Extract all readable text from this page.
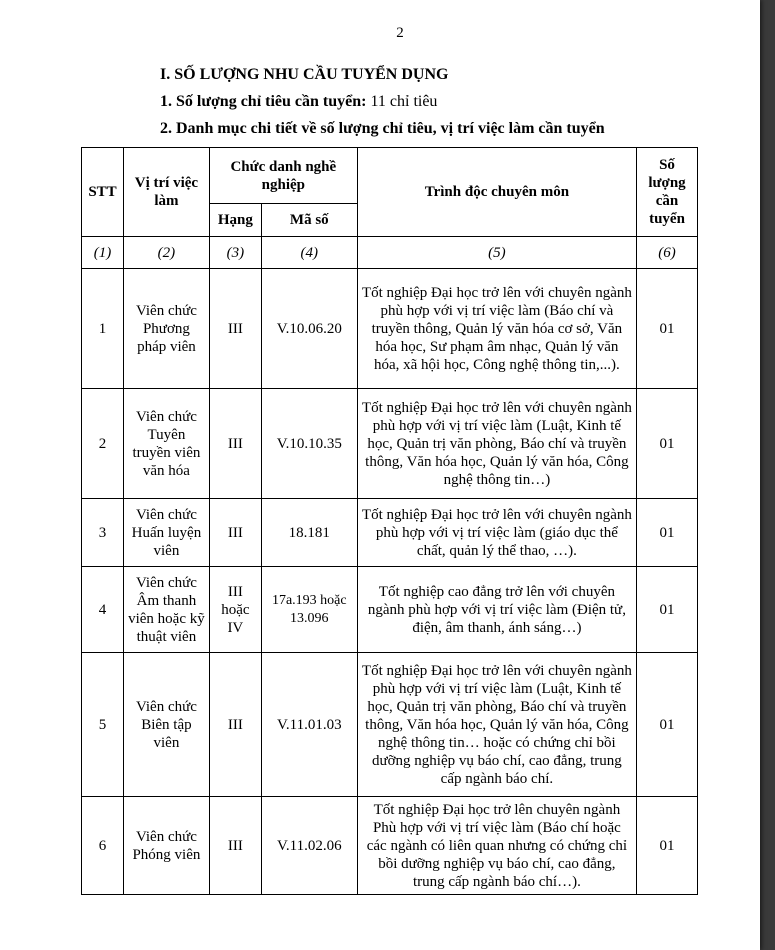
2
I. SỐ LƯỢNG NHU CẦU TUYỂN DỤNG
1. Số lượng chỉ tiêu cần tuyển: 11 chỉ tiêu
2. Danh mục chi tiết về số lượng chỉ tiêu, vị trí việc làm cần tuyển
STT	Vị trí việc làm	Chức danh nghề nghiệp		Trình độc chuyên môn	Số lượng cần tuyển
		Hạng	Mã số		
(1)	(2)	(3)	(4)	(5)	(6)
1	Viên chức Phương pháp viên	III	V.10.06.20	Tốt nghiệp Đại học trở lên với chuyên ngành phù hợp với vị trí việc làm (Báo chí và truyền thông, Quản lý văn hóa cơ sở, Văn hóa học, Sư phạm âm nhạc, Quản lý văn hóa, xã hội học, Công nghệ thông tin,...).	01
2	Viên chức Tuyên truyền viên văn hóa	III	V.10.10.35	Tốt nghiệp Đại học trở lên với chuyên ngành phù hợp với vị trí việc làm (Luật, Kinh tế học, Quản trị văn phòng, Báo chí và truyền thông, Văn hóa học, Quản lý văn hóa, Công nghệ thông tin…)	01
3	Viên chức Huấn luyện viên	III	18.181	Tốt nghiệp Đại học trở lên với chuyên ngành phù hợp với vị trí việc làm (giáo dục thể chất, quản lý thể thao, …).	01
4	Viên chức Âm thanh viên hoặc kỹ thuật viên	III hoặc IV	17a.193 hoặc 13.096	Tốt nghiệp cao đẳng trở lên với chuyên ngành phù hợp với vị trí việc làm (Điện tử, điện, âm thanh, ánh sáng…)	01
5	Viên chức Biên tập viên	III	V.11.01.03	Tốt nghiệp Đại học trở lên với chuyên ngành phù hợp với vị trí việc làm (Luật, Kinh tế học, Quản trị văn phòng, Báo chí và truyền thông, Văn hóa học, Quản lý văn hóa, Công nghệ thông tin… hoặc có chứng chỉ bồi dưỡng nghiệp vụ báo chí, cao đẳng, trung cấp ngành báo chí.	01
6	Viên chức Phóng viên	III	V.11.02.06	Tốt nghiệp Đại học trở lên chuyên ngành Phù hợp với vị trí việc làm (Báo chí hoặc các ngành có liên quan nhưng có chứng chỉ bồi dưỡng nghiệp vụ báo chí, cao đẳng, trung cấp ngành báo chí…).	01
